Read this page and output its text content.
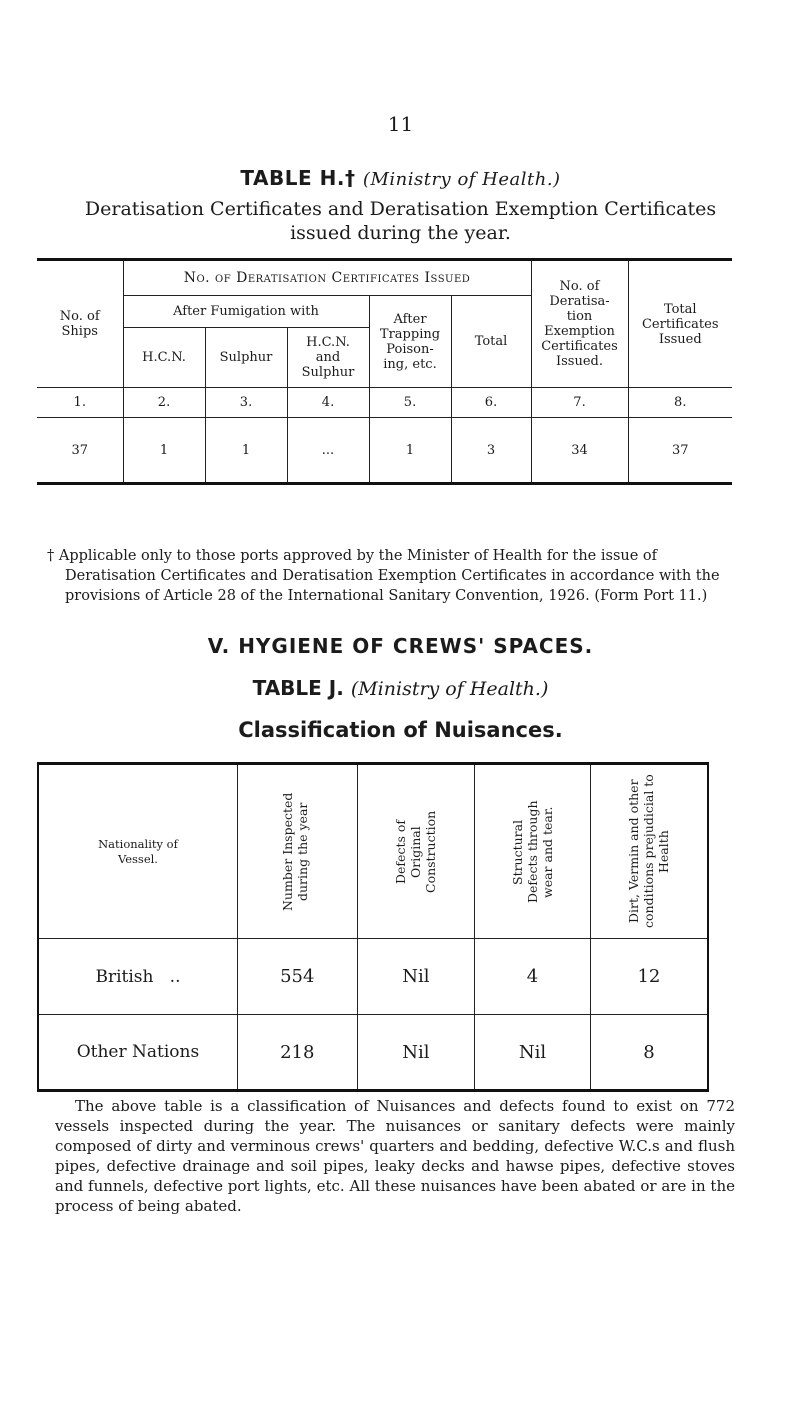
11
TABLE H.† (Ministry of Health.)
Deratisation Certificates and Deratisation Exemption Certificates
issued during the year.
No. of Ships	No. of Deratisation Certificates Issued					No. of Deratisa-tion Exemption Certificates Issued.	Total Certificates Issued
	After Fumigation with			After Trapping Poison-ing, etc.	Total		
	H.C.N.	Sulphur	H.C.N. and Sulphur				
1.	2.	3.	4.	5.	6.	7.	8.
37	1	1	...	1	3	34	37

† Applicable only to those ports approved by the Minister of Health for the issue of Deratisation Certificates and Deratisation Exemption Certificates in accordance with the provisions of Article 28 of the International Sanitary Convention, 1926. (Form Port 11.)

V. HYGIENE OF CREWS' SPACES.
TABLE J. (Ministry of Health.)
Classification of Nuisances.
Nationality of Vessel.	Number Inspected during the year	Defects of Original Construction	Structural Defects through wear and tear.	Dirt, Vermin and other conditions prejudicial to Health

British ..	554	Nil	4	12
Other Nations	218	Nil	Nil	8
The above table is a classification of Nuisances and defects found to exist on 772 vessels inspected during the year. The nuisances or sanitary defects were mainly composed of dirty and verminous crews' quarters and bedding, defective W.C.s and flush pipes, defective drainage and soil pipes, leaky decks and hawse pipes, defective stoves and funnels, defective port lights, etc. All these nuisances have been abated or are in the process of being abated.
